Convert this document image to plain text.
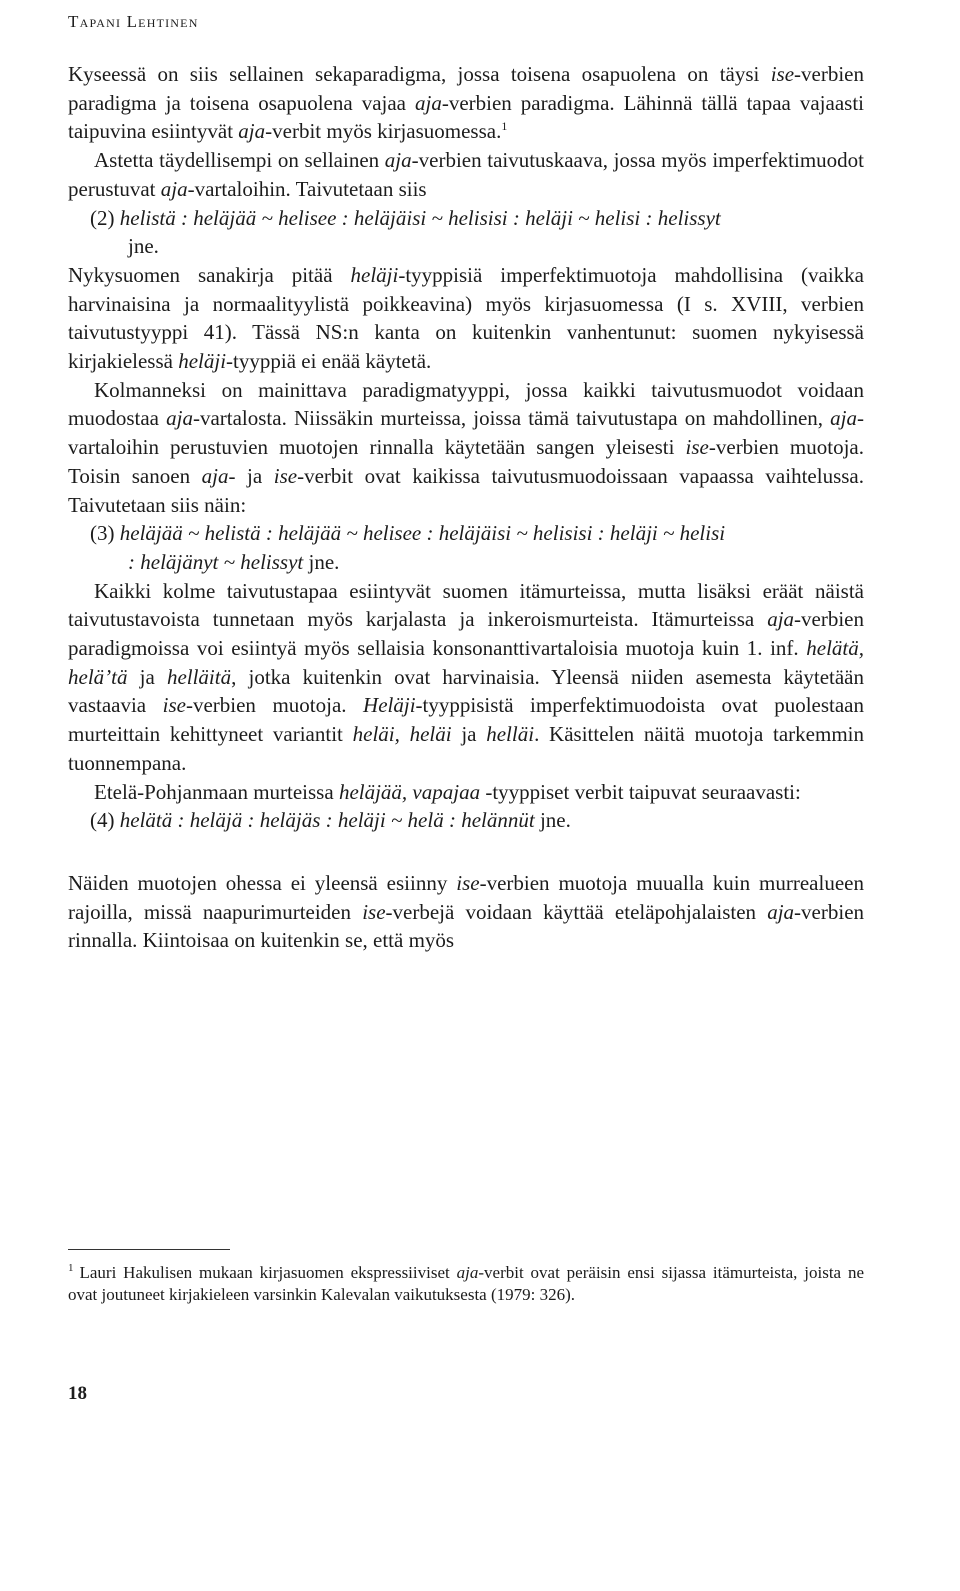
Tapani Lehtinen

Kyseessä on siis sellainen sekaparadigma, jossa toisena osapuolena on täysi ise-verbien paradigma ja toisena osapuolena vajaa aja-verbien paradigma. Lähinnä tällä tapaa vajaasti taipuvina esiintyvät aja-verbit myös kirjasuomessa.$^1$

Astetta täydellisempi on sellainen aja-verbien taivutuskaava, jossa myös imperfektimuodot perustuvat aja-vartaloihin. Taivutetaan siis

(2) helistä : heläjää ~ helisee : heläjäisi ~ helisisi : heläji ~ helisi : helissyt
jne.

Nykysuomen sanakirja pitää heläji-tyyppisiä imperfektimuotoja mahdollisina (vaikka harvinaisina ja normaalityylistä poikkeavina) myös kirjasuomessa (I s. XVIII, verbien taivutustyyppi 41). Tässä NS:n kanta on kuitenkin vanhentunut: suomen nykyisessä kirjakielessä heläji-tyyppiä ei enää käytetä.

Kolmanneksi on mainittava paradigmatyyppi, jossa kaikki taivutusmuodot voidaan muodostaa aja-vartalosta. Niissäkin murteissa, joissa tämä taivutustapa on mahdollinen, aja-vartaloihin perustuvien muotojen rinnalla käytetään sangen yleisesti ise-verbien muotoja. Toisin sanoen aja- ja ise-verbit ovat kaikissa taivutusmuodoissaan vapaassa vaihtelussa. Taivutetaan siis näin:

(3) heläjää ~ helistä : heläjää ~ helisee : heläjäisi ~ helisisi : heläji ~ helisi
: heläjänyt ~ helissyt jne.

Kaikki kolme taivutustapaa esiintyvät suomen itämurteissa, mutta lisäksi eräät näistä taivutustavoista tunnetaan myös karjalasta ja inkeroismurteista. Itämurteissa aja-verbien paradigmoissa voi esiintyä myös sellaisia konsonanttivartaloisia muotoja kuin 1. inf. helätä, heläʼtä ja helläitä, jotka kuitenkin ovat harvinaisia. Yleensä niiden asemesta käytetään vastaavia ise-verbien muotoja. Heläji-tyyppisistä imperfektimuodoista ovat puolestaan murteittain kehittyneet variantit heläi, heläi ja helläi. Käsittelen näitä muotoja tarkemmin tuonnempana.

Etelä-Pohjanmaan murteissa heläjää, vapajaa -tyyppiset verbit taipuvat seuraavasti:

(4) helätä : heläjä : heläjäs : heläji ~ helä : helännüt jne.

Näiden muotojen ohessa ei yleensä esiinny ise-verbien muotoja muualla kuin murrealueen rajoilla, missä naapurimurteiden ise-verbejä voidaan käyttää eteläpohjalaisten aja-verbien rinnalla. Kiintoisaa on kuitenkin se, että myös

$^1$ Lauri Hakulisen mukaan kirjasuomen ekspressiiviset aja-verbit ovat peräisin ensi sijassa itämurteista, joista ne ovat joutuneet kirjakieleen varsinkin Kalevalan vaikutuksesta (1979: 326).
18
